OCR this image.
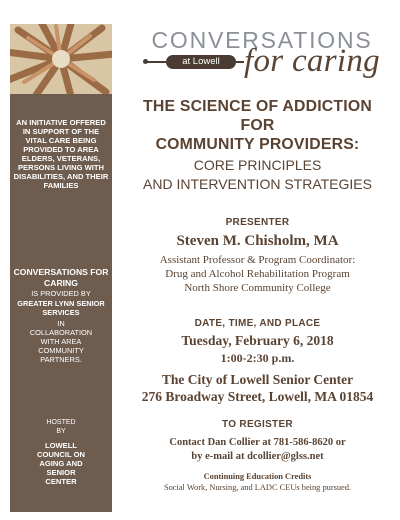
AN INITIATIVE OFFERED IN SUPPORT OF THE VITAL CARE BEING PROVIDED TO AREA ELDERS, VETERANS, PERSONS LIVING WITH DISABILITIES, AND THEIR FAMILIES
CONVERSATIONS FOR CARING
IS PROVIDED BY
GREATER LYNN SENIOR SERVICES
IN COLLABORATION WITH AREA COMMUNITY PARTNERS.
HOSTED BY
LOWELL COUNCIL ON AGING AND SENIOR CENTER
CONVERSATIONS
at Lowell for caring
THE SCIENCE OF ADDICTION
FOR
COMMUNITY PROVIDERS:
CORE PRINCIPLES
AND INTERVENTION STRATEGIES
PRESENTER
Steven M. Chisholm, MA
Assistant Professor & Program Coordinator:
Drug and Alcohol Rehabilitation Program
North Shore Community College
DATE, TIME, AND PLACE
Tuesday, February 6, 2018
1:00-2:30 p.m.
The City of Lowell Senior Center
276 Broadway Street, Lowell, MA 01854
TO REGISTER
Contact Dan Collier at 781-586-8620 or
by e-mail at dcollier@glss.net
Continuing Education Credits
Social Work, Nursing, and LADC CEUs being pursued.
